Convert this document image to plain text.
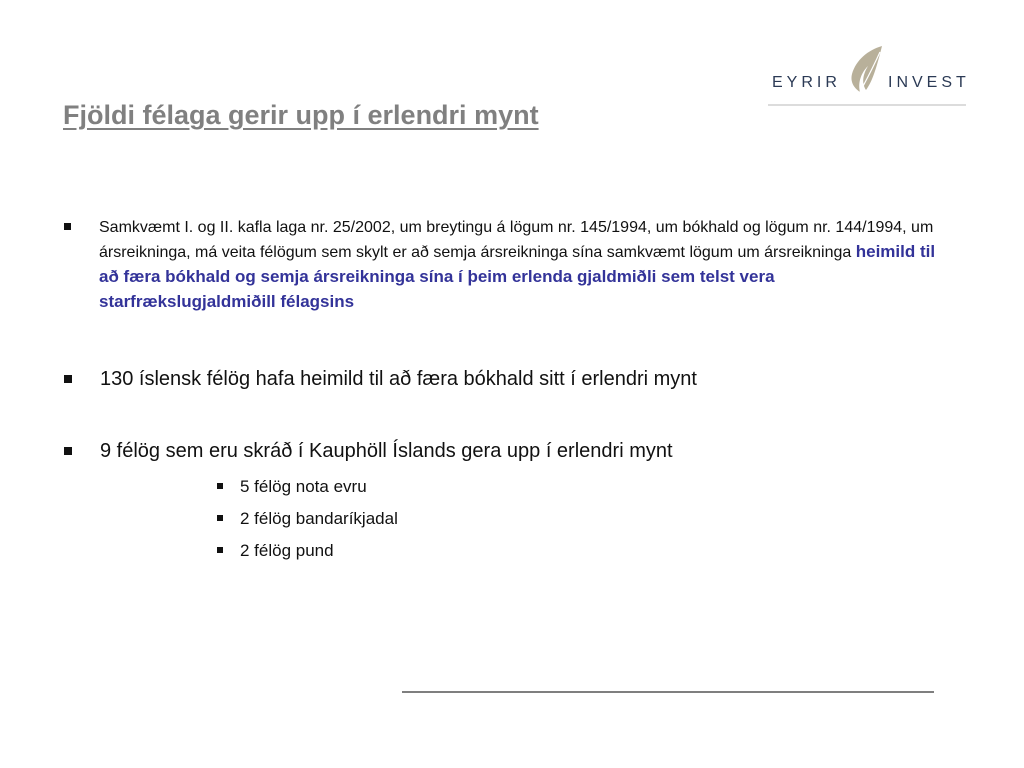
EYRIR	INVEST
Fjöldi félaga gerir upp í erlendri mynt
Samkvæmt I. og II. kafla laga nr. 25/2002, um breytingu á lögum nr. 145/1994, um bókhald og lögum nr. 144/1994, um ársreikninga, má veita félögum sem skylt er að semja ársreikninga sína samkvæmt lögum um ársreikninga heimild til að færa bókhald og semja ársreikninga sína í þeim erlenda gjaldmiðli sem telst vera starfrækslugjaldmiðill félagsins
130 íslensk félög hafa heimild til að færa bókhald sitt í erlendri mynt
9 félög sem eru skráð í Kauphöll Íslands gera upp í erlendri mynt
5 félög nota evru
2 félög bandaríkjadal
2 félög pund
